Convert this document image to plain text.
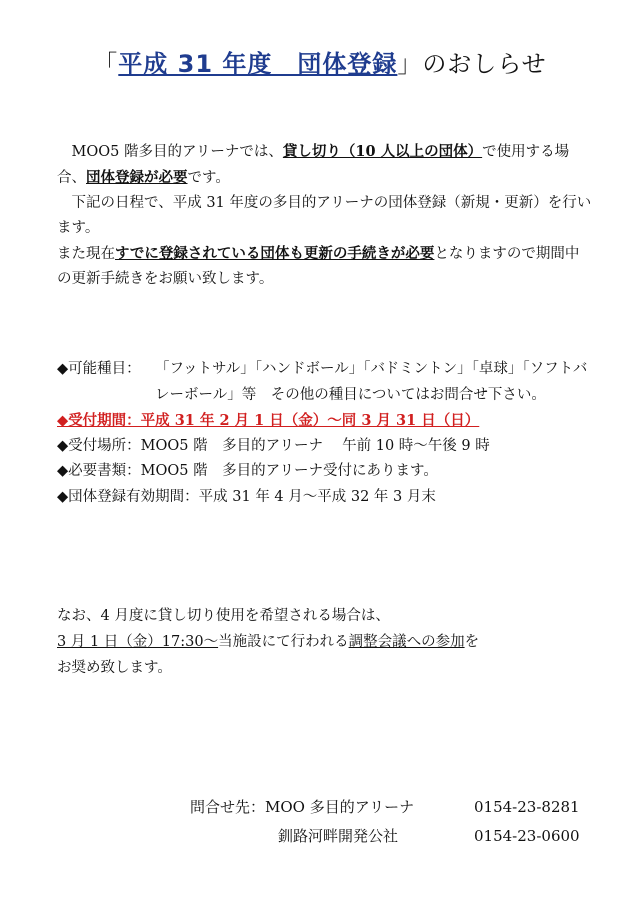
「平成 31 年度　団体登録」のおしらせ
　MOO5 階多目的アリーナでは、貸し切り（10 人以上の団体）で使用する場合、団体登録が必要です。
　下記の日程で、平成 31 年度の多目的アリーナの団体登録（新規・更新）を行います。
また現在すでに登録されている団体も更新の手続きが必要となりますので期間中の更新手続きをお願い致します。
◆可能種目： 「フットサル」「ハンドボール」「バドミントン」「卓球」「ソフトバレーボール」等　その他の種目についてはお問合せ下さい。
◆受付期間：平成 31 年 2 月 1 日（金）～同 3 月 31 日（日）
◆受付場所：MOO5 階　多目的アリーナ　 午前 10 時～午後 9 時
◆必要書類：MOO5 階　多目的アリーナ受付にあります。
◆団体登録有効期間：平成 31 年 4 月～平成 32 年 3 月末
なお、4 月度に貸し切り使用を希望される場合は、
3 月 1 日（金）17:30～当施設にて行われる調整会議への参加を
お奨め致します。
問合せ先：MOO 多目的アリーナ	0154-23-8281
釧路河畔開発公社	0154-23-0600
